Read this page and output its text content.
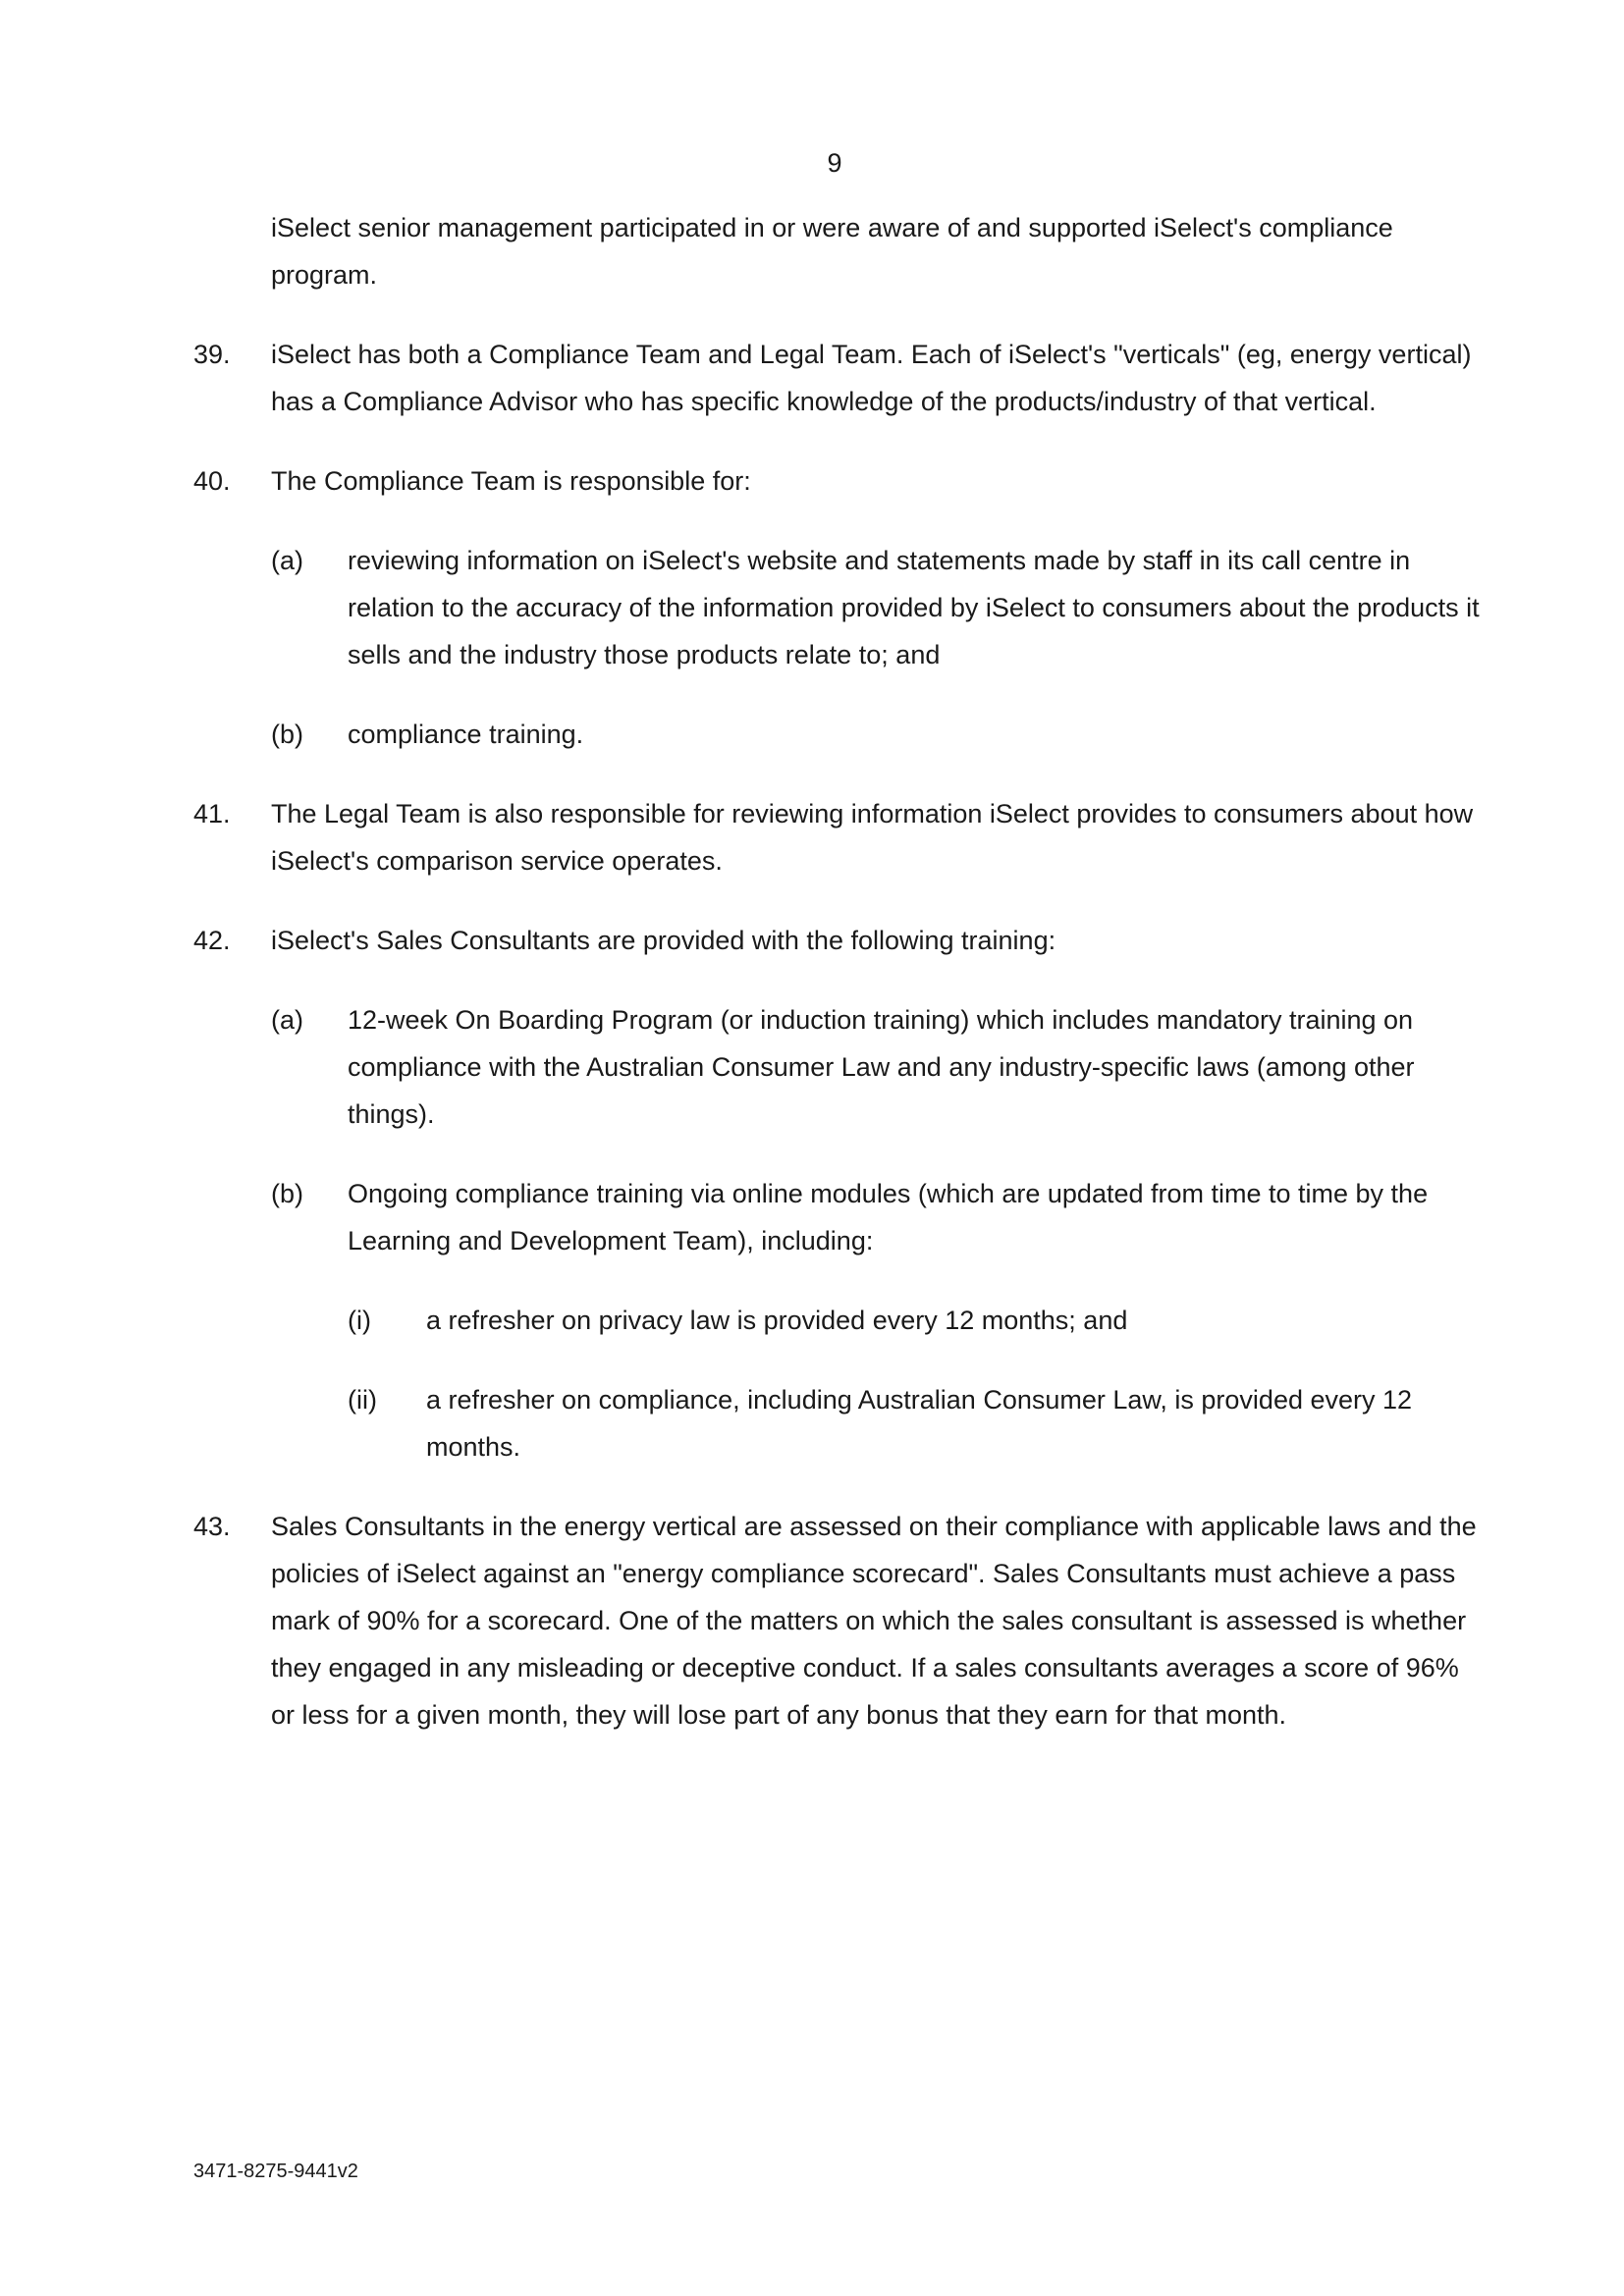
9
iSelect senior management participated in or were aware of and supported iSelect's compliance program.
39. iSelect has both a Compliance Team and Legal Team. Each of iSelect's "verticals" (eg, energy vertical) has a Compliance Advisor who has specific knowledge of the products/industry of that vertical.
40. The Compliance Team is responsible for:
(a) reviewing information on iSelect's website and statements made by staff in its call centre in relation to the accuracy of the information provided by iSelect to consumers about the products it sells and the industry those products relate to; and
(b) compliance training.
41. The Legal Team is also responsible for reviewing information iSelect provides to consumers about how iSelect's comparison service operates.
42. iSelect's Sales Consultants are provided with the following training:
(a) 12-week On Boarding Program (or induction training) which includes mandatory training on compliance with the Australian Consumer Law and any industry-specific laws (among other things).
(b) Ongoing compliance training via online modules (which are updated from time to time by the Learning and Development Team), including:
(i) a refresher on privacy law is provided every 12 months; and
(ii) a refresher on compliance, including Australian Consumer Law, is provided every 12 months.
43. Sales Consultants in the energy vertical are assessed on their compliance with applicable laws and the policies of iSelect against an "energy compliance scorecard". Sales Consultants must achieve a pass mark of 90% for a scorecard. One of the matters on which the sales consultant is assessed is whether they engaged in any misleading or deceptive conduct. If a sales consultants averages a score of 96% or less for a given month, they will lose part of any bonus that they earn for that month.
3471-8275-9441v2
